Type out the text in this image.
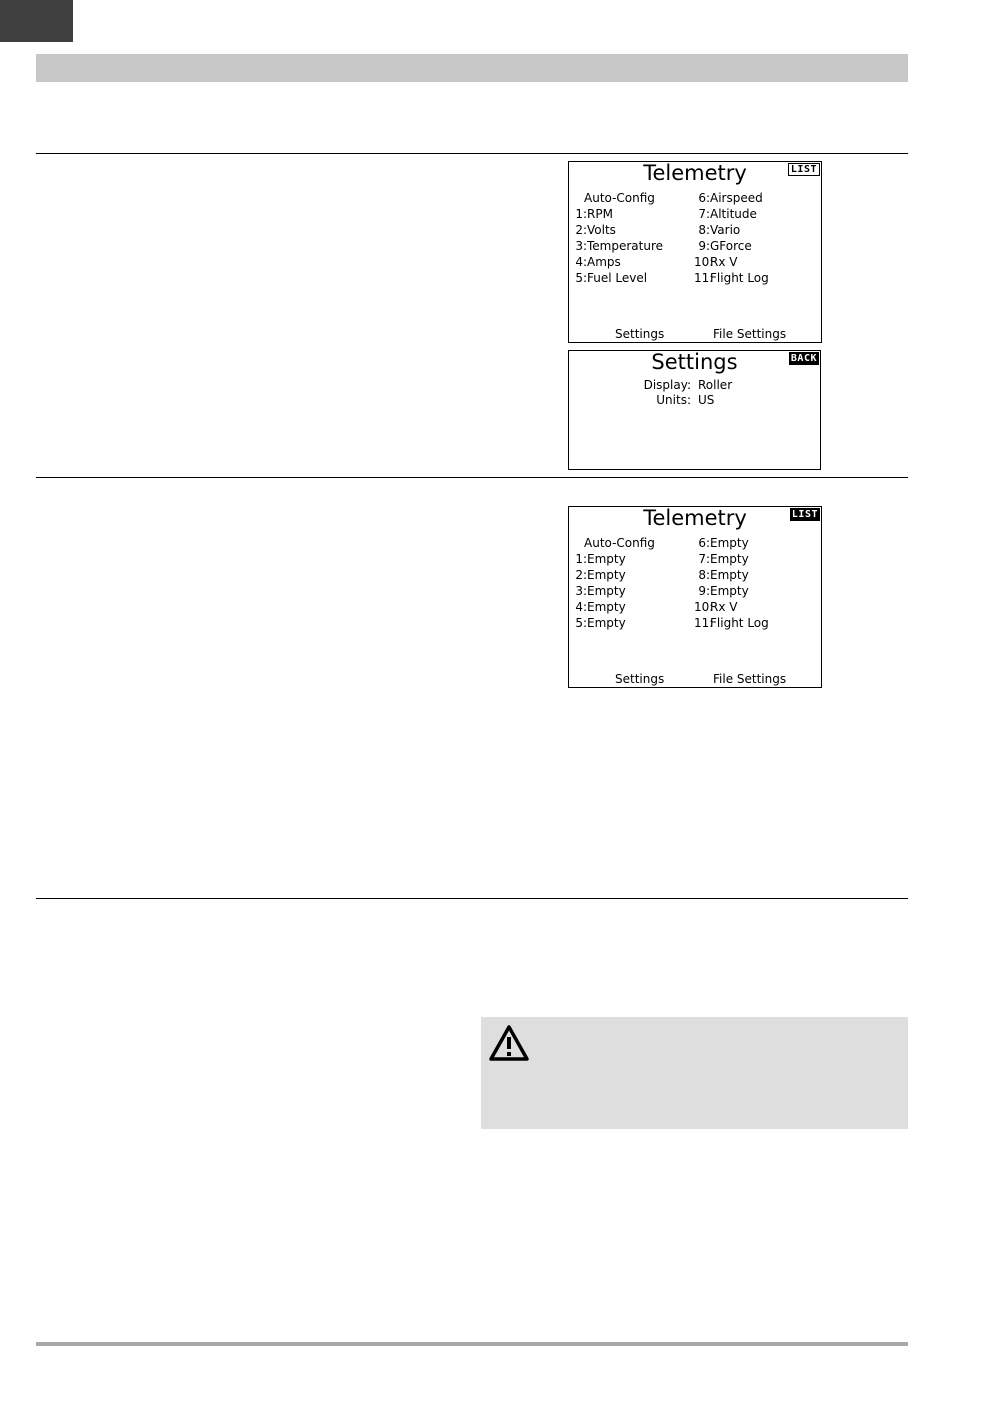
Telemetry	LIST
Auto-Config
1:RPM
2:Volts
3:Temperature
4:Amps
5:Fuel Level
6:Airspeed
7:Altitude
8:Vario
9:GForce
10:Rx V
11:Flight Log
Settings	File Settings
Settings	BACK
Display: Roller
Units: US
Telemetry	LIST
Auto-Config
1:Empty
2:Empty
3:Empty
4:Empty
5:Empty
6:Empty
7:Empty
8:Empty
9:Empty
10:Rx V
11:Flight Log
Settings	File Settings
